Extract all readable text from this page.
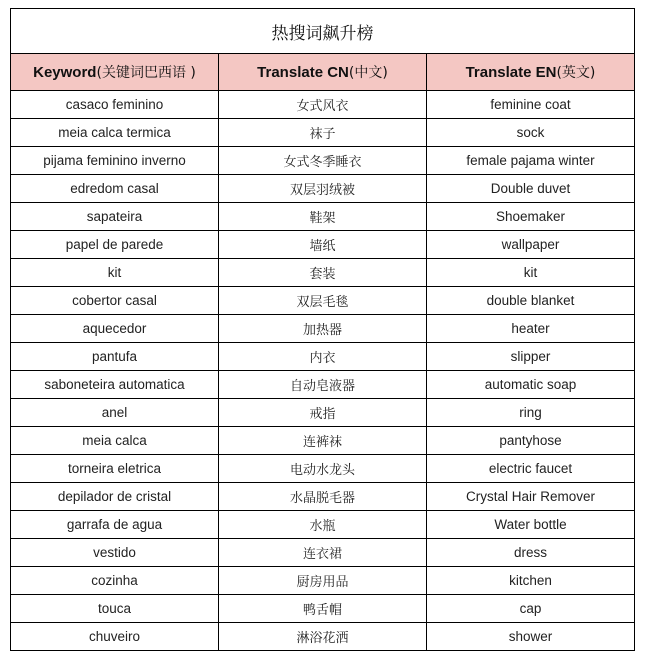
热搜词飙升榜		
Keyword(关键词巴西语 )	Translate CN(中文)	Translate EN(英文)
casaco feminino	女式风衣	feminine coat
meia calca termica	袜子	sock
pijama feminino inverno	女式冬季睡衣	female pajama winter
edredom casal	双层羽绒被	Double duvet
sapateira	鞋架	Shoemaker
papel de parede	墙纸	wallpaper
kit	套装	kit
cobertor casal	双层毛毯	double blanket
aquecedor	加热器	heater
pantufa	内衣	slipper
saboneteira automatica	自动皂液器	automatic soap
anel	戒指	ring
meia calca	连裤袜	pantyhose
torneira eletrica	电动水龙头	electric faucet
depilador de cristal	水晶脱毛器	Crystal Hair Remover
garrafa de agua	水瓶	Water bottle
vestido	连衣裙	dress
cozinha	厨房用品	kitchen
touca	鸭舌帽	cap
chuveiro	淋浴花洒	shower
